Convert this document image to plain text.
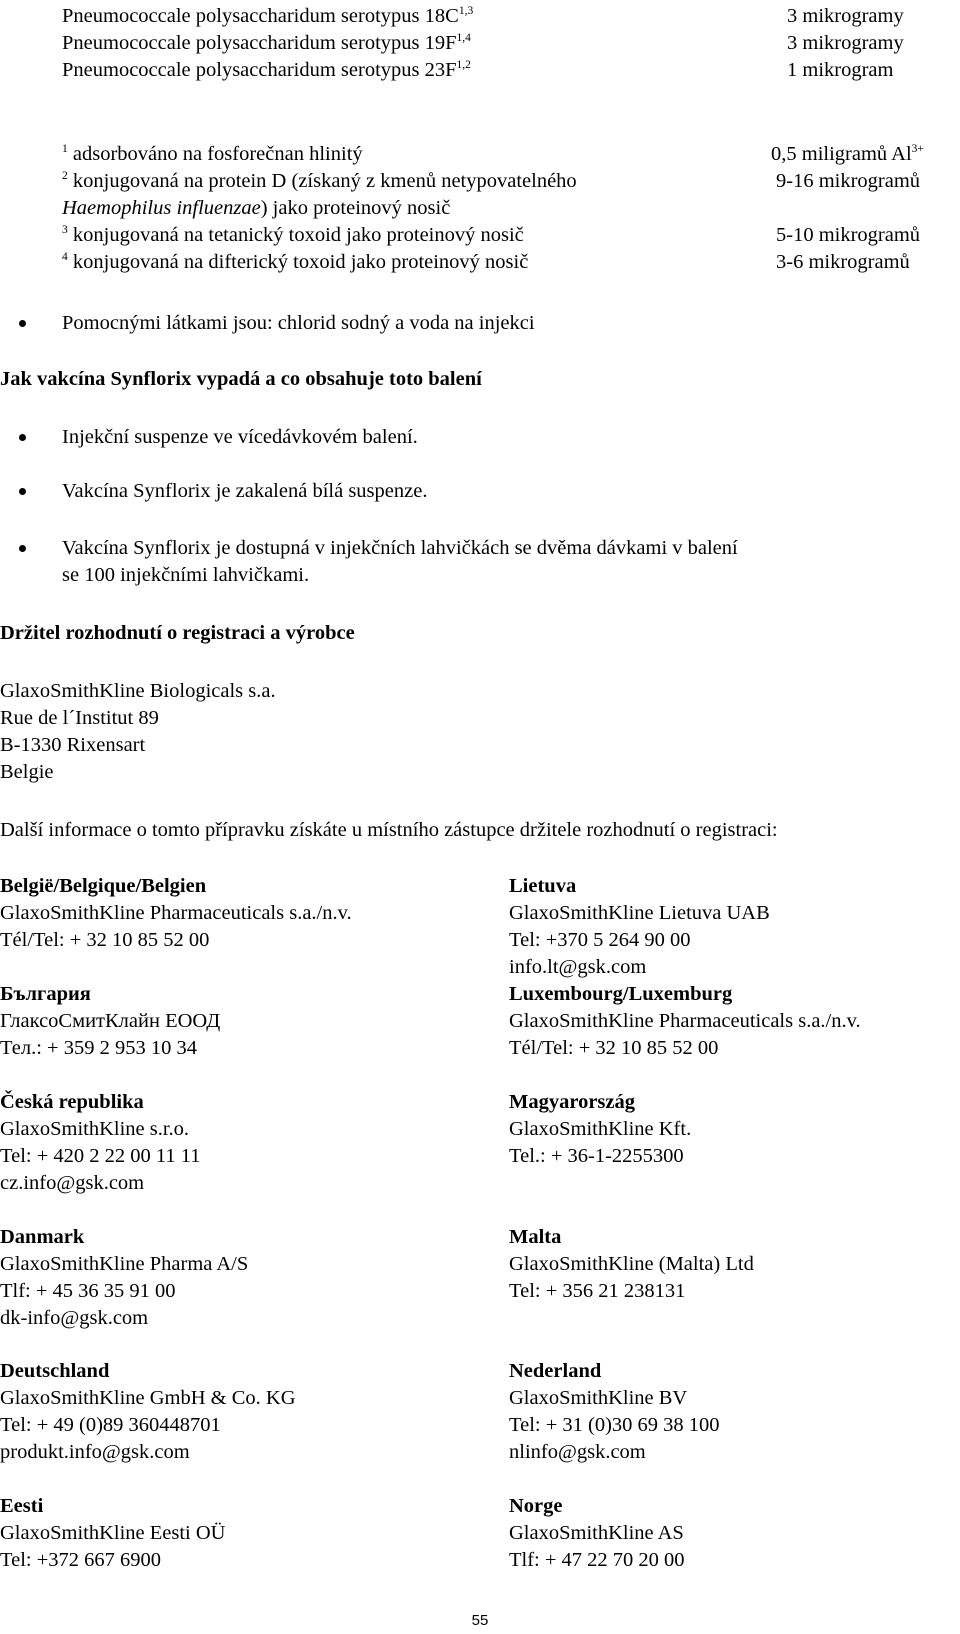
Pneumococcale polysaccharidum serotypus $18C^{1,3}$	3 mikrogramy
Pneumococcale polysaccharidum serotypus $19F^{1,4}$	3 mikrogramy
Pneumococcale polysaccharidum serotypus $23F^{1,2}$	1 mikrogram
$^1$ adsorbováno na fosforečnan hlinitý	0,5 miligramů $Al^{3+}$
$^2$ konjugovaná na protein D (získaný z kmenů netypovatelného	9-16 mikrogramů
Haemophilus influenzae) jako proteinový nosič
$^3$ konjugovaná na tetanický toxoid jako proteinový nosič	5-10 mikrogramů
$^4$ konjugovaná na difterický toxoid jako proteinový nosič	3-6 mikrogramů
Pomocnými látkami jsou: chlorid sodný a voda na injekci
Jak vakcína Synflorix vypadá a co obsahuje toto balení
Injekční suspenze ve vícedávkovém balení.
Vakcína Synflorix je zakalená bílá suspenze.
Vakcína Synflorix je dostupná v injekčních lahvičkách se dvěma dávkami v balení
se 100 injekčními lahvičkami.
Držitel rozhodnutí o registraci a výrobce
GlaxoSmithKline Biologicals s.a.
Rue de l´Institut 89
B-1330 Rixensart
Belgie
Další informace o tomto přípravku získáte u místního zástupce držitele rozhodnutí o registraci:
België/Belgique/Belgien
GlaxoSmithKline Pharmaceuticals s.a./n.v.
Tél/Tel: + 32 10 85 52 00
България
ГлаксоСмитКлайн ЕООД
Тел.: + 359 2 953 10 34
Česká republika
GlaxoSmithKline s.r.o.
Tel: + 420 2 22 00 11 11
cz.info@gsk.com
Danmark
GlaxoSmithKline Pharma A/S
Tlf: + 45 36 35 91 00
dk-info@gsk.com
Deutschland
GlaxoSmithKline GmbH & Co. KG
Tel: + 49 (0)89 360448701
produkt.info@gsk.com
Eesti
GlaxoSmithKline Eesti OÜ
Tel: +372 667 6900
Lietuva
GlaxoSmithKline Lietuva UAB
Tel: +370 5 264 90 00
info.lt@gsk.com
Luxembourg/Luxemburg
GlaxoSmithKline Pharmaceuticals s.a./n.v.
Tél/Tel: + 32 10 85 52 00
Magyarország
GlaxoSmithKline Kft.
Tel.: + 36-1-2255300
Malta
GlaxoSmithKline (Malta) Ltd
Tel: + 356 21 238131
Nederland
GlaxoSmithKline BV
Tel: + 31 (0)30 69 38 100
nlinfo@gsk.com
Norge
GlaxoSmithKline AS
Tlf: + 47 22 70 20 00
55
